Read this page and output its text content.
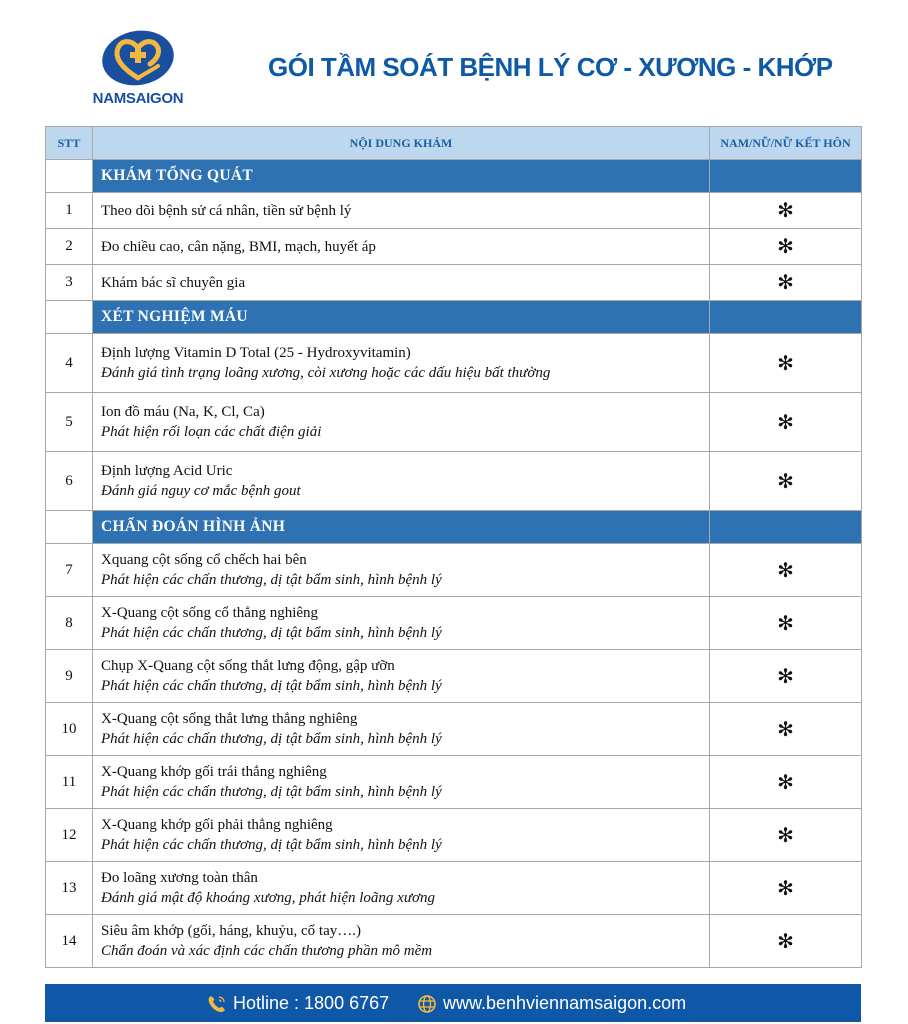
NAMSAIGON
GÓI TẦM SOÁT BỆNH LÝ CƠ - XƯƠNG - KHỚP
STT	NỘI DUNG KHÁM	NAM/NỮ/NỮ KẾT HÔN
	KHÁM TỔNG QUÁT	
1	Theo dõi bệnh sử cá nhân, tiền sử bệnh lý	✻
2	Đo chiều cao, cân nặng, BMI, mạch, huyết áp	✻
3	Khám bác sĩ chuyên gia	✻
	XÉT NGHIỆM MÁU	
4	Định lượng Vitamin D Total (25 - Hydroxyvitamin)
Đánh giá tình trạng loãng xương, còi xương hoặc các dấu hiệu bất thường	✻
5	Ion đồ máu (Na, K, Cl, Ca)
Phát hiện rối loạn các chất điện giải	✻
6	Định lượng Acid Uric
Đánh giá nguy cơ mắc bệnh gout	✻
	CHẨN ĐOÁN HÌNH ẢNH	
7	Xquang cột sống cổ chếch hai bên
Phát hiện các chấn thương, dị tật bẩm sinh, hình bệnh lý	✻
8	X-Quang cột sống cổ thẳng nghiêng
Phát hiện các chấn thương, dị tật bẩm sinh, hình bệnh lý	✻
9	Chụp X-Quang cột sống thắt lưng động, gập ưỡn
Phát hiện các chấn thương, dị tật bẩm sinh, hình bệnh lý	✻
10	X-Quang cột sống thắt lưng thẳng nghiêng
Phát hiện các chấn thương, dị tật bẩm sinh, hình bệnh lý	✻
11	X-Quang khớp gối trái thẳng nghiêng
Phát hiện các chấn thương, dị tật bẩm sinh, hình bệnh lý	✻
12	X-Quang khớp gối phải thẳng nghiêng
Phát hiện các chấn thương, dị tật bẩm sinh, hình bệnh lý	✻
13	Đo loãng xương toàn thân
Đánh giá mật độ khoáng xương, phát hiện loãng xương	✻
14	Siêu âm khớp (gối, háng, khuỷu, cổ tay….)
Chẩn đoán và xác định các chấn thương phần mô mềm	✻
Hotline : 1800 6767	www.benhviennamsaigon.com
